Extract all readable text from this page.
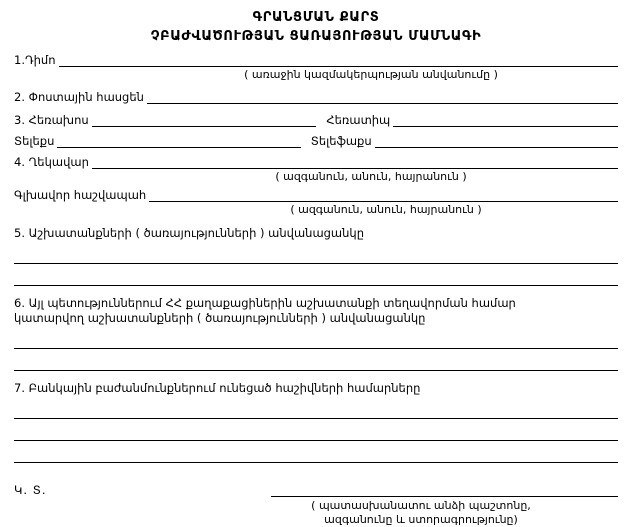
ԳՐԱՆՑՄԱՆ ՔԱՐՏ
ՉԲԱԺՎԱԾՈՒԹՅԱՆ ՑԱՌԱՅՈՒԹՅԱՆ ՄԱՄՆԱԳԻ
1.Դիմո
( առաջին կազմակերպության անվանումը )
2. Փոստային հասցեն
3. Հեռախոս	Հեռատիպ
Տելեքս	Տելեֆաքս
4. Ղեկավար
( ազգանուն, անուն, հայրանուն )
Գլխավոր հաշվապահ
( ազգանուն, անուն, հայրանուն )
5. Աշխատանքների ( ծառայությունների ) անվանացանկը
6. Այլ պետություններում ՀՀ քաղաքացիներին աշխատանքի տեղավորման համար
կատարվող աշխատանքների ( ծառայությունների ) անվանացանկը
7. Բանկային բաժանմունքներում ունեցած հաշիվների համարները
Կ. Տ.
( պատասխանատու անձի պաշտոնը,
ազգանունը և ստորագրությունը)
